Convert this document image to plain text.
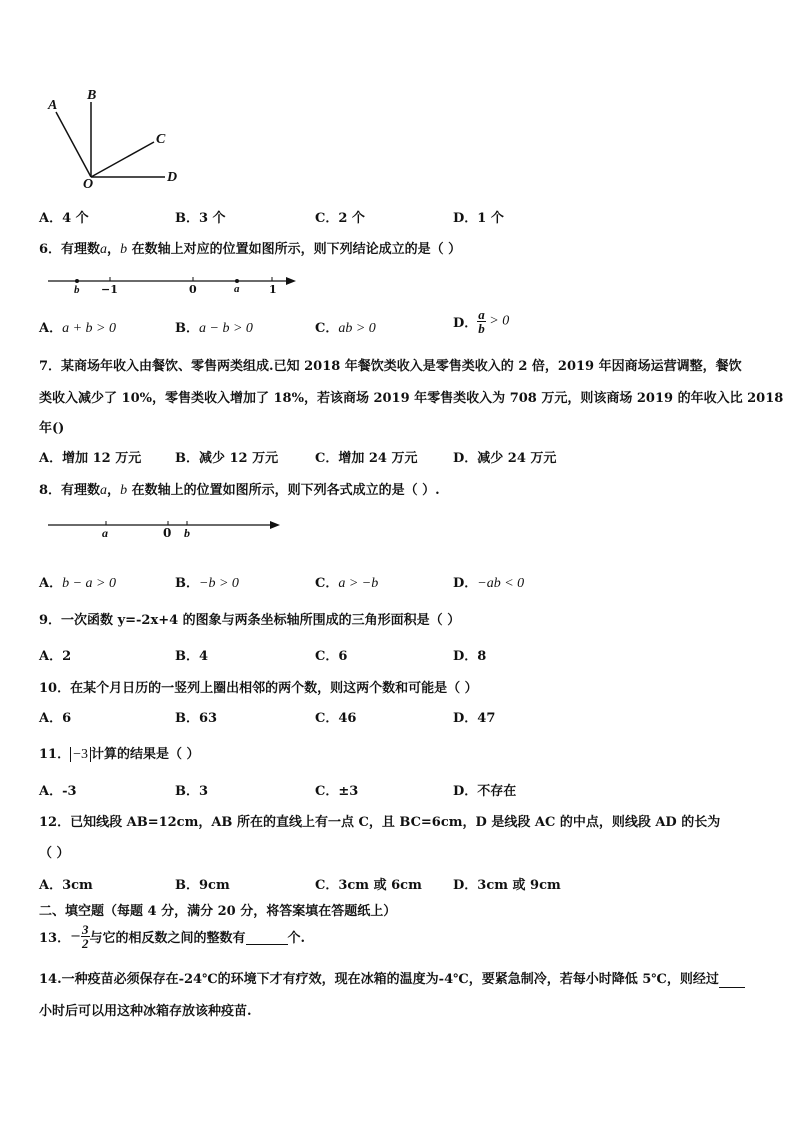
A
B
C
D
O
A．4 个	B．3 个	C．2 个	D．1 个
6．有理数a，b 在数轴上对应的位置如图所示，则下列结论成立的是（ ）
b −1	0	a	1
A．a + b > 0	B．a − b > 0	C．ab > 0	D． $\frac{a}{b} > 0$
7．某商场年收入由餐饮、零售两类组成.已知 2018 年餐饮类收入是零售类收入的 2 倍，2019 年因商场运营调整，餐饮
类收入减少了 10%，零售类收入增加了 18%，若该商场 2019 年零售类收入为 708 万元，则该商场 2019 的年收入比 2018
年()
A．增加 12 万元	B．减少 12 万元	C．增加 24 万元	D．减少 24 万元
8．有理数a，b 在数轴上的位置如图所示，则下列各式成立的是（ ）.
a	0 b
A．b − a > 0	B．−b > 0	C．a > −b	D．−ab < 0
9．一次函数 y=-2x+4 的图象与两条坐标轴所围成的三角形面积是（ ）
A．2	B．4	C．6	D．8
10．在某个月日历的一竖列上圈出相邻的两个数，则这两个数和可能是（ ）
A．6	B．63	C．46	D．47
11． −3 计算的结果是（ ）
A．-3	B．3	C．±3	D．不存在
12．已知线段 AB=12cm，AB 所在的直线上有一点 C，且 BC=6cm，D 是线段 AC 的中点，则线段 AD 的长为
（ ）
A．3cm	B．9cm	C．3cm 或 6cm D．3cm 或 9cm
二、填空题（每题 4 分，满分 20 分，将答案填在答题纸上）
13．− $\frac{3}{2}$ 与它的相反数之间的整数有	个.
14.一种疫苗必须保存在-24℃的环境下才有疗效，现在冰箱的温度为-4℃，要紧急制冷，若每小时降低 5℃，则经过
小时后可以用这种冰箱存放该种疫苗.
